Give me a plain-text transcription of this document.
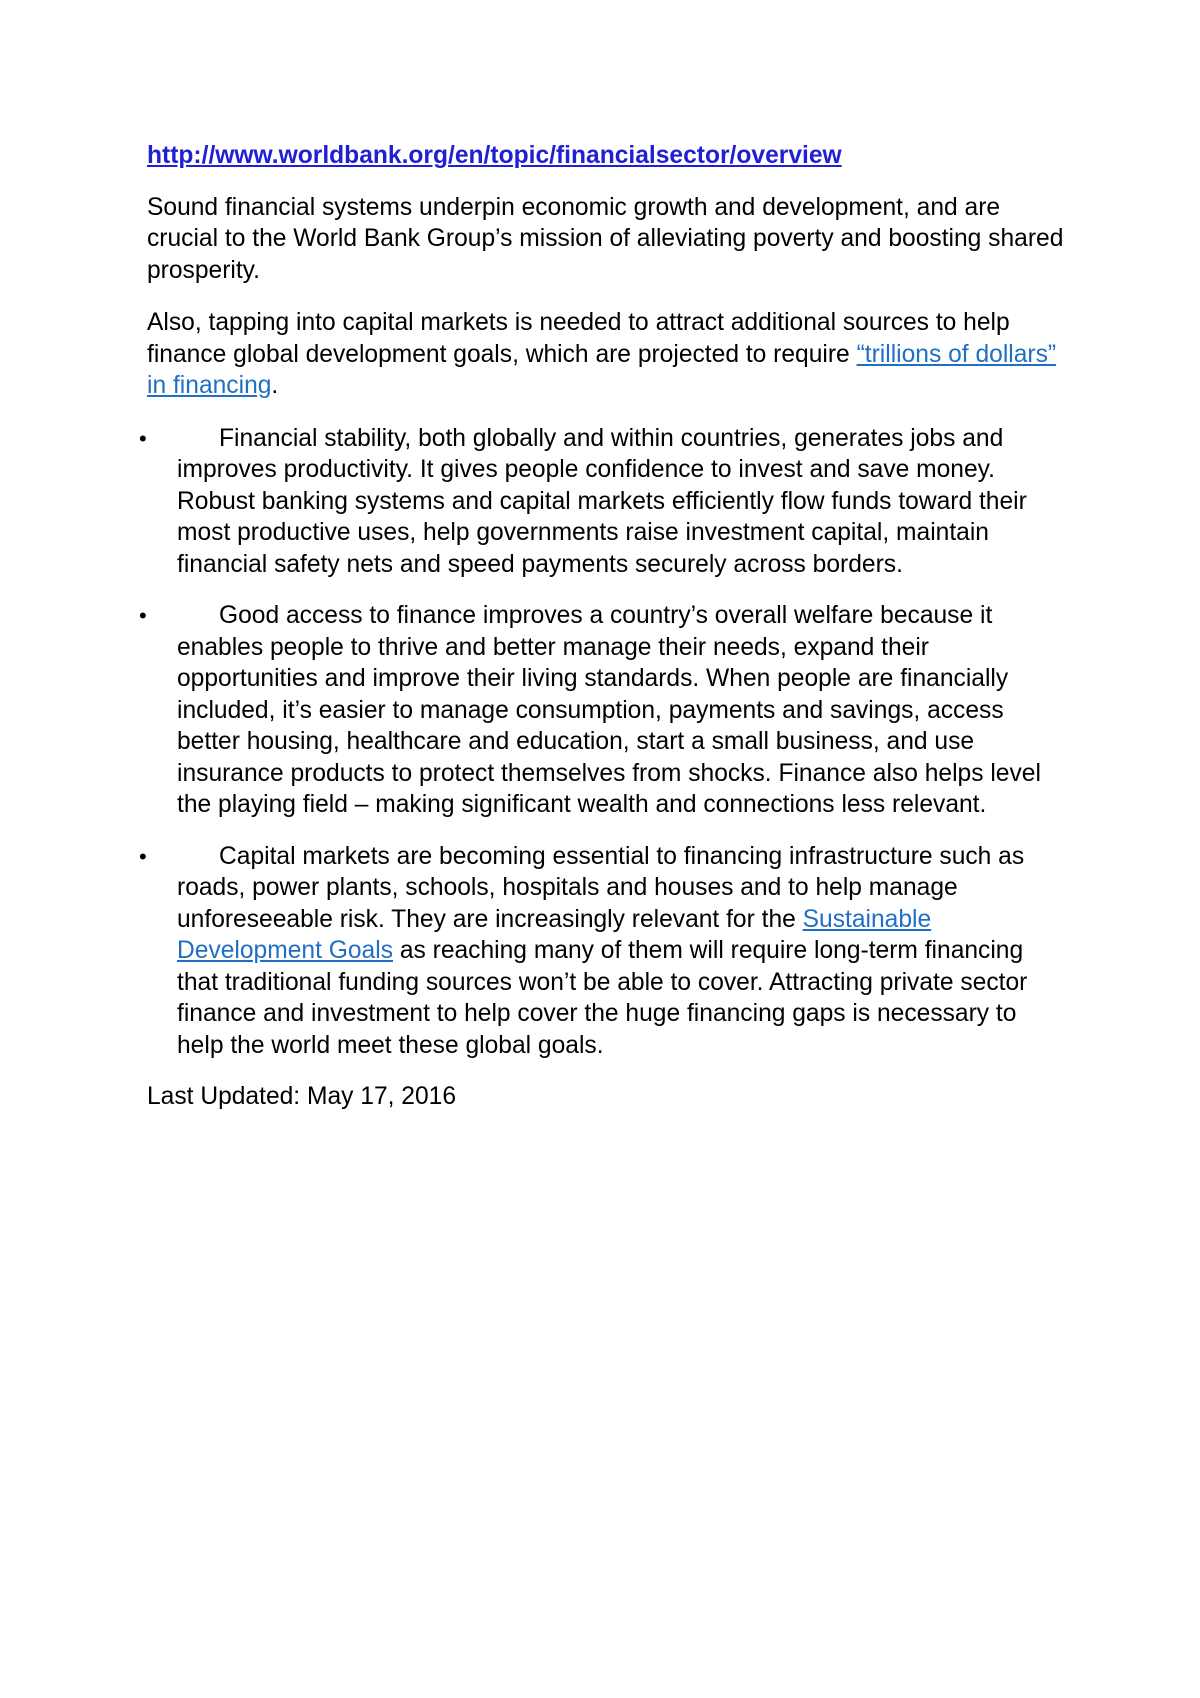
http://www.worldbank.org/en/topic/financialsector/overview

Sound financial systems underpin economic growth and development, and are crucial to the World Bank Group’s mission of alleviating poverty and boosting shared prosperity.

Also, tapping into capital markets is needed to attract additional sources to help finance global development goals, which are projected to require “trillions of dollars” in financing.

•	Financial stability, both globally and within countries, generates jobs and improves productivity. It gives people confidence to invest and save money. Robust banking systems and capital markets efficiently flow funds toward their most productive uses, help governments raise investment capital, maintain financial safety nets and speed payments securely across borders.
•	Good access to finance improves a country’s overall welfare because it enables people to thrive and better manage their needs, expand their opportunities and improve their living standards. When people are financially included, it’s easier to manage consumption, payments and savings, access better housing, healthcare and education, start a small business, and use insurance products to protect themselves from shocks. Finance also helps level the playing field – making significant wealth and connections less relevant.
•	Capital markets are becoming essential to financing infrastructure such as roads, power plants, schools, hospitals and houses and to help manage unforeseeable risk. They are increasingly relevant for the Sustainable Development Goals as reaching many of them will require long-term financing that traditional funding sources won’t be able to cover. Attracting private sector finance and investment to help cover the huge financing gaps is necessary to help the world meet these global goals.

Last Updated: May 17, 2016
